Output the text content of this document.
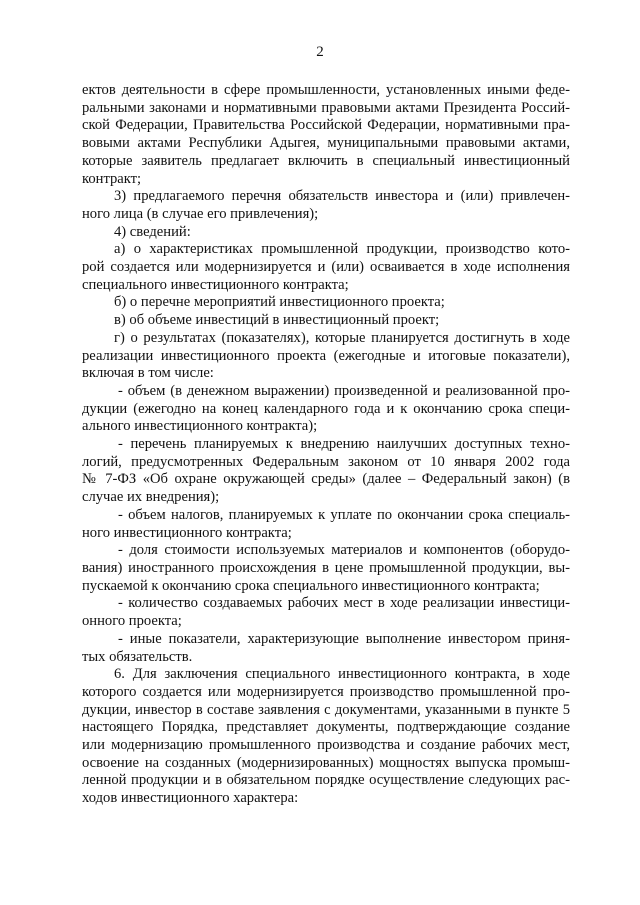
2
ектов деятельности в сфере промышленности, установленных иными феде-
ральными законами и нормативными правовыми актами Президента Россий-
ской Федерации, Правительства Российской Федерации, нормативными пра-
вовыми актами Республики Адыгея, муниципальными правовыми актами,
которые заявитель предлагает включить в специальный инвестиционный
контракт;
3) предлагаемого перечня обязательств инвестора и (или) привлечен-
ного лица (в случае его привлечения);
4) сведений:
а) о характеристиках промышленной продукции, производство кото-
рой создается или модернизируется и (или) осваивается в ходе исполнения
специального инвестиционного контракта;
б) о перечне мероприятий инвестиционного проекта;
в) об объеме инвестиций в инвестиционный проект;
г) о результатах (показателях), которые планируется достигнуть в ходе
реализации инвестиционного проекта (ежегодные и итоговые показатели),
включая в том числе:
- объем (в денежном выражении) произведенной и реализованной про-
дукции (ежегодно на конец календарного года и к окончанию срока специ-
ального инвестиционного контракта);
- перечень планируемых к внедрению наилучших доступных техно-
логий, предусмотренных Федеральным законом от 10 января 2002 года
№ 7-ФЗ «Об охране окружающей среды» (далее – Федеральный закон) (в
случае их внедрения);
- объем налогов, планируемых к уплате по окончании срока специаль-
ного инвестиционного контракта;
- доля стоимости используемых материалов и компонентов (оборудо-
вания) иностранного происхождения в цене промышленной продукции, вы-
пускаемой к окончанию срока специального инвестиционного контракта;
- количество создаваемых рабочих мест в ходе реализации инвестици-
онного проекта;
- иные показатели, характеризующие выполнение инвестором приня-
тых обязательств.
6. Для заключения специального инвестиционного контракта, в ходе
которого создается или модернизируется производство промышленной про-
дукции, инвестор в составе заявления с документами, указанными в пункте 5
настоящего Порядка, представляет документы, подтверждающие создание
или модернизацию промышленного производства и создание рабочих мест,
освоение на созданных (модернизированных) мощностях выпуска промыш-
ленной продукции и в обязательном порядке осуществление следующих рас-
ходов инвестиционного характера:
